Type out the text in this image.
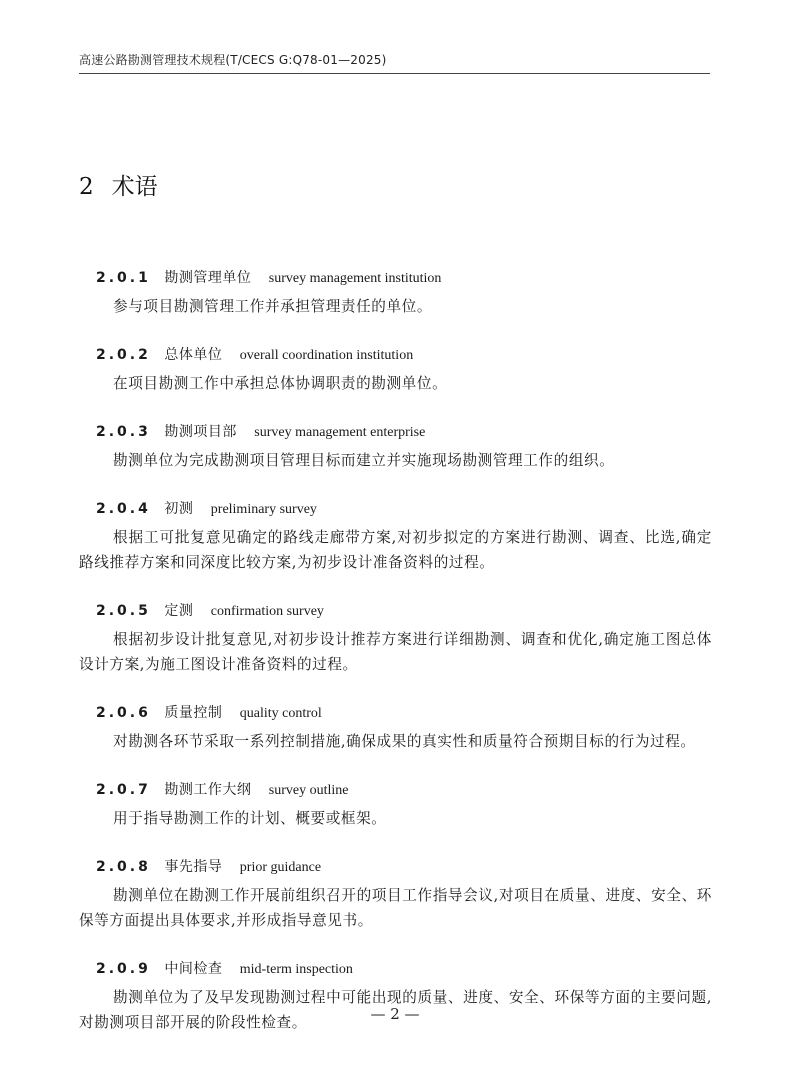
高速公路勘测管理技术规程(T/CECS G:Q78-01—2025)
2 术语
2.0.1 勘测管理单位 survey management institution

参与项目勘测管理工作并承担管理责任的单位。

2.0.2 总体单位 overall coordination institution

在项目勘测工作中承担总体协调职责的勘测单位。

2.0.3 勘测项目部 survey management enterprise

勘测单位为完成勘测项目管理目标而建立并实施现场勘测管理工作的组织。

2.0.4 初测 preliminary survey

根据工可批复意见确定的路线走廊带方案,对初步拟定的方案进行勘测、调查、比选,确定路线推荐方案和同深度比较方案,为初步设计准备资料的过程。

2.0.5 定测 confirmation survey

根据初步设计批复意见,对初步设计推荐方案进行详细勘测、调查和优化,确定施工图总体设计方案,为施工图设计准备资料的过程。

2.0.6 质量控制 quality control

对勘测各环节采取一系列控制措施,确保成果的真实性和质量符合预期目标的行为过程。

2.0.7 勘测工作大纲 survey outline

用于指导勘测工作的计划、概要或框架。

2.0.8 事先指导 prior guidance

勘测单位在勘测工作开展前组织召开的项目工作指导会议,对项目在质量、进度、安全、环保等方面提出具体要求,并形成指导意见书。

2.0.9 中间检查 mid-term inspection

勘测单位为了及早发现勘测过程中可能出现的质量、进度、安全、环保等方面的主要问题,对勘测项目部开展的阶段性检查。	— 2 —
